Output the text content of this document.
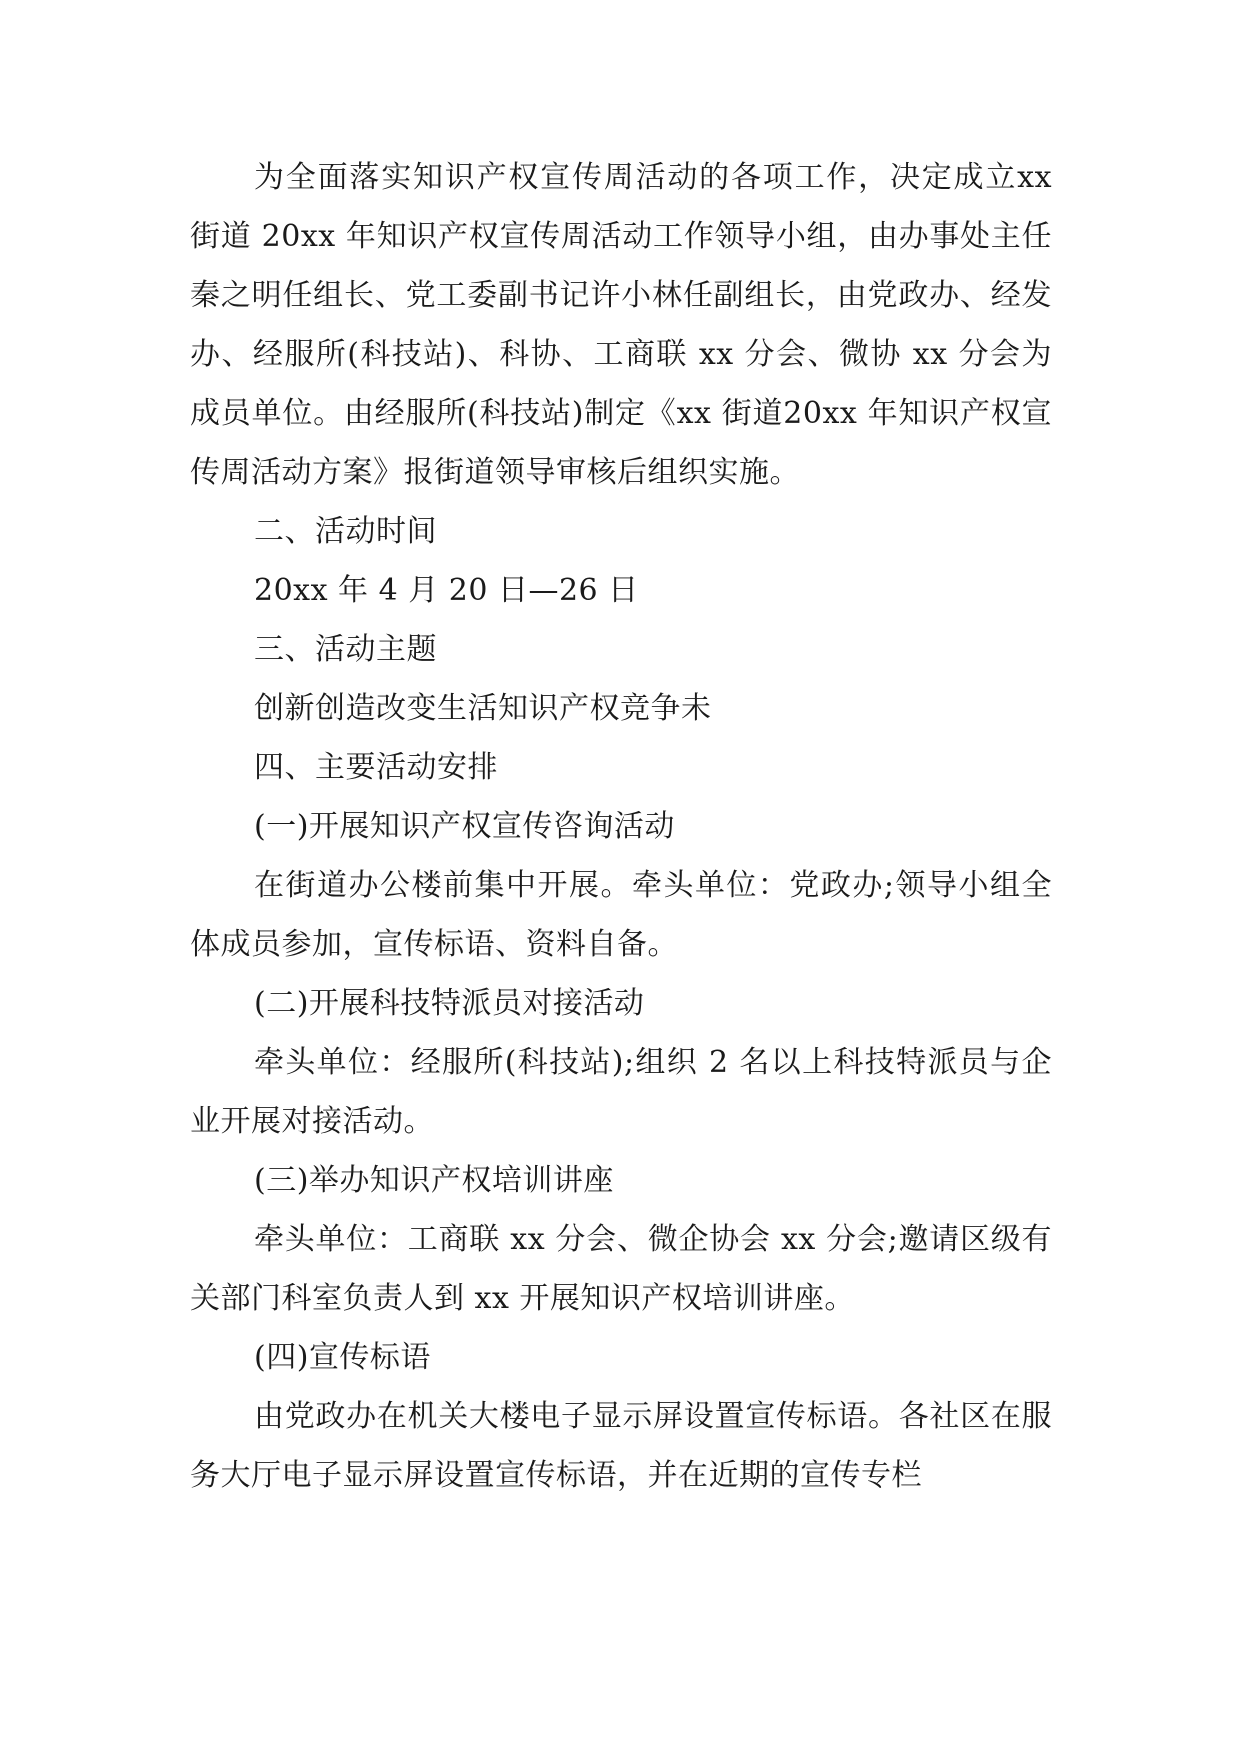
为全面落实知识产权宣传周活动的各项工作，决定成立xx 街道 20xx 年知识产权宣传周活动工作领导小组，由办事处主任秦之明任组长、党工委副书记许小林任副组长，由党政办、经发办、经服所(科技站)、科协、工商联 xx 分会、微协 xx 分会为成员单位。由经服所(科技站)制定《xx 街道20xx 年知识产权宣传周活动方案》报街道领导审核后组织实施。

二、活动时间

20xx 年 4 月 20 日—26 日

三、活动主题

创新创造改变生活知识产权竞争未

四、主要活动安排

(一)开展知识产权宣传咨询活动

在街道办公楼前集中开展。牵头单位：党政办;领导小组全体成员参加，宣传标语、资料自备。

(二)开展科技特派员对接活动

牵头单位：经服所(科技站);组织 2 名以上科技特派员与企业开展对接活动。

(三)举办知识产权培训讲座

牵头单位：工商联 xx 分会、微企协会 xx 分会;邀请区级有关部门科室负责人到 xx 开展知识产权培训讲座。

(四)宣传标语

由党政办在机关大楼电子显示屏设置宣传标语。各社区在服务大厅电子显示屏设置宣传标语，并在近期的宣传专栏
